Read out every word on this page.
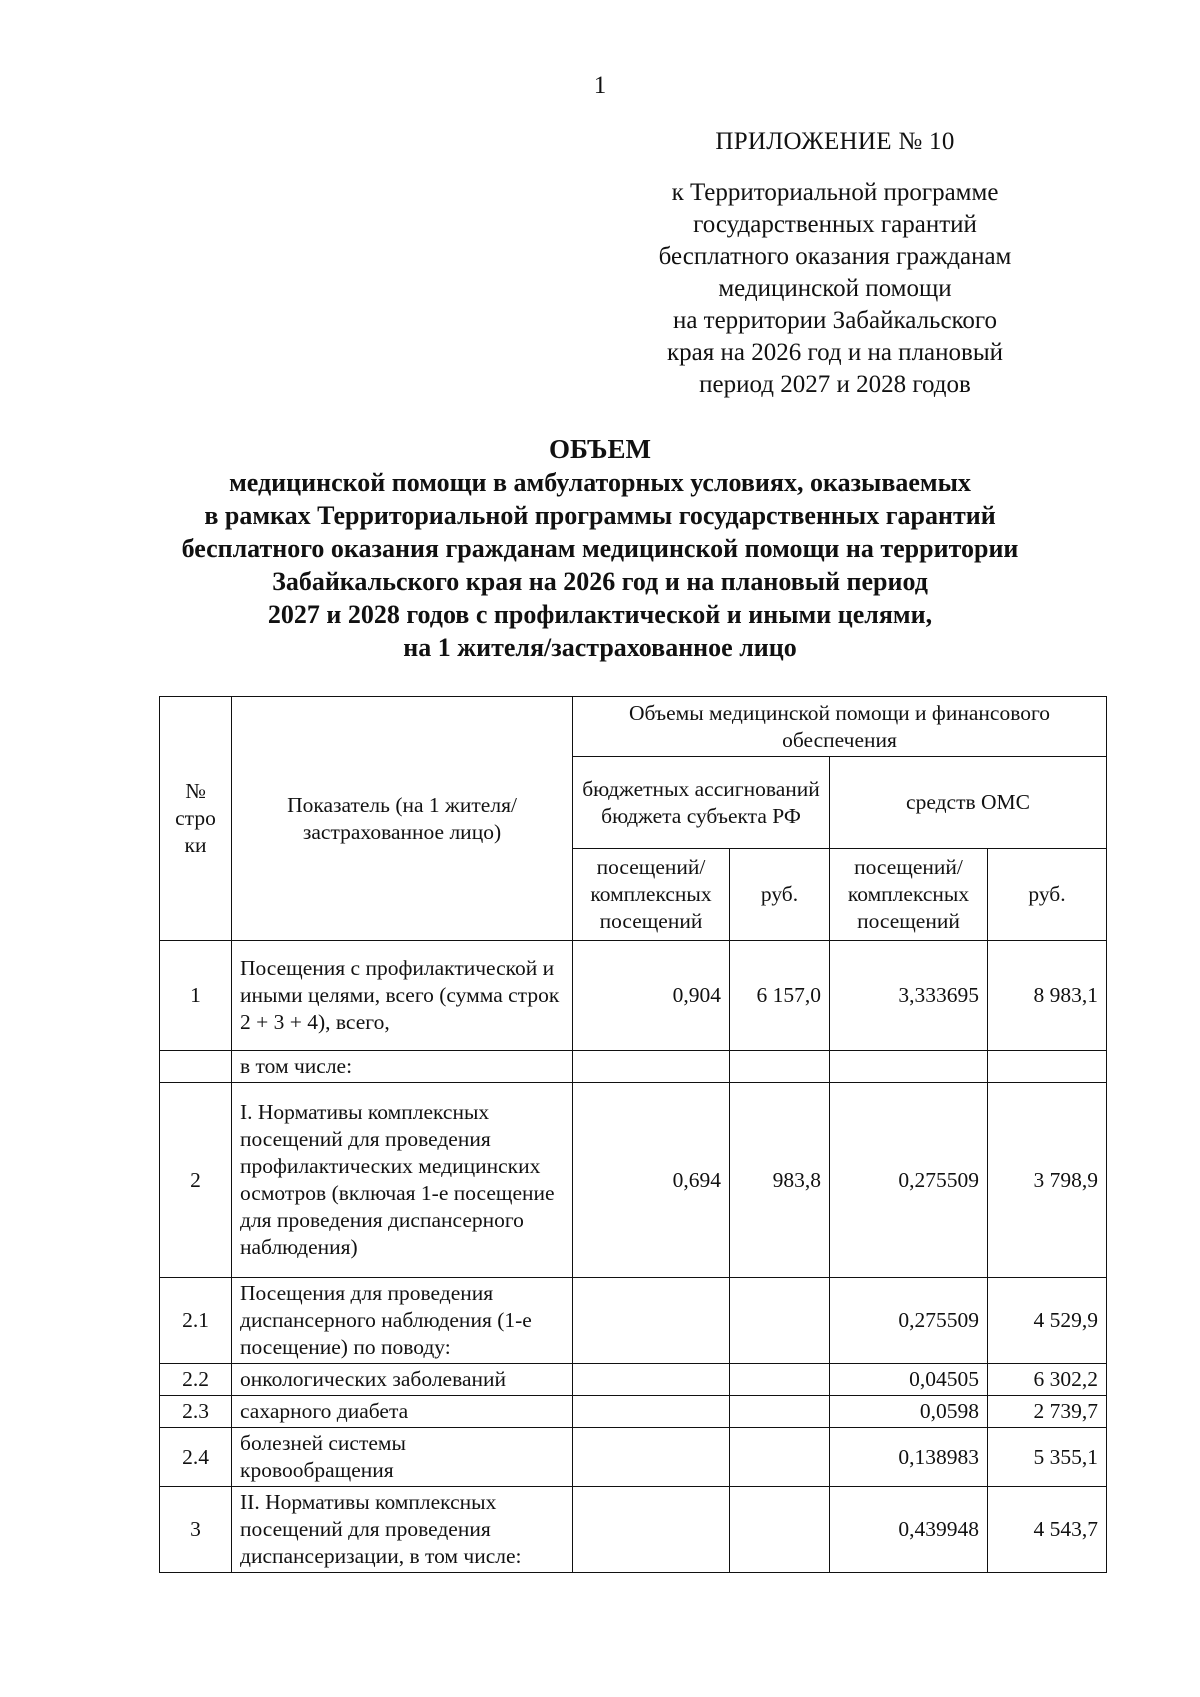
1
ПРИЛОЖЕНИЕ № 10
к Территориальной программе
государственных гарантий
бесплатного оказания гражданам
медицинской помощи
на территории Забайкальского
края на 2026 год и на плановый
период 2027 и 2028 годов
ОБЪЕМ
медицинской помощи в амбулаторных условиях, оказываемых
в рамках Территориальной программы государственных гарантий
бесплатного оказания гражданам медицинской помощи на территории
Забайкальского края на 2026 год и на плановый период
2027 и 2028 годов с профилактической и иными целями,
на 1 жителя/застрахованное лицо
№ стро ки	Показатель (на 1 жителя/застрахованное лицо)	Объемы медицинской помощи и финансового обеспечения			
		бюджетных ассигнований бюджета субъекта РФ		средств ОМС	
		посещений/ комплексных посещений	руб.	посещений/ комплексных посещений	руб.
1	Посещения с профилактической и иными целями, всего (сумма строк 2 + 3 + 4), всего,	0,904	6 157,0	3,333695	8 983,1
	в том числе:				
2	I. Нормативы комплексных посещений для проведения профилактических медицинских осмотров (включая 1-е посещение для проведения диспансерного наблюдения)	0,694	983,8	0,275509	3 798,9
2.1	Посещения для проведения диспансерного наблюдения (1-е посещение) по поводу:			0,275509	4 529,9
2.2	онкологических заболеваний			0,04505	6 302,2
2.3	сахарного диабета			0,0598	2 739,7
2.4	болезней системы кровообращения			0,138983	5 355,1
3	II. Нормативы комплексных посещений для проведения диспансеризации, в том числе:			0,439948	4 543,7
